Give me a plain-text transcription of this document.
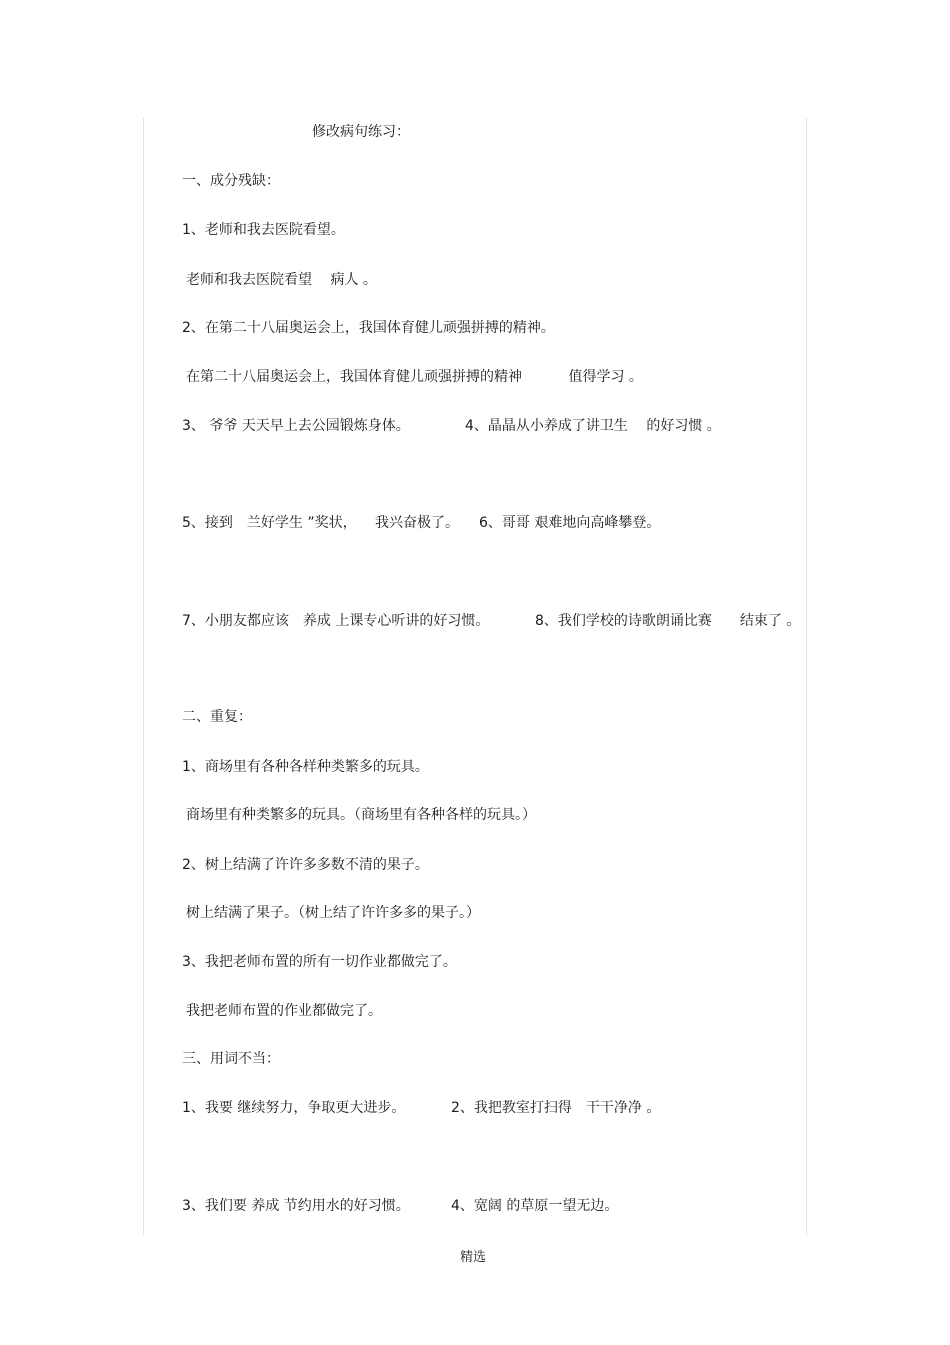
修改病句练习：
一、成分残缺：
1、老师和我去医院看望。
老师和我去医院看望　 病人 。
2、在第二十八届奥运会上，我国体育健儿顽强拼搏的精神。
在第二十八届奥运会上，我国体育健儿顽强拼搏的精神　　　 值得学习 。
3、 爷爷 天天早上去公园锻炼身体。	4、晶晶从小养成了讲卫生　 的好习惯 。
5、接到　兰好学生 ”奖状， 　我兴奋极了。 6、哥哥 艰难地向高峰攀登。
7、小朋友都应该　养成 上课专心听讲的好习惯。	8、我们学校的诗歌朗诵比赛　　结束了 。
二、重复：
1、商场里有各种各样种类繁多的玩具。
商场里有种类繁多的玩具。（商场里有各种各样的玩具。）
2、树上结满了许许多多数不清的果子。
树上结满了果子。（树上结了许许多多的果子。）
3、我把老师布置的所有一切作业都做完了。
我把老师布置的作业都做完了。
三、用词不当：
1、我要 继续努力，争取更大进步。	2、我把教室打扫得　干干净净 。
3、我们要 养成 节约用水的好习惯。	4、宽阔 的草原一望无边。
精选
